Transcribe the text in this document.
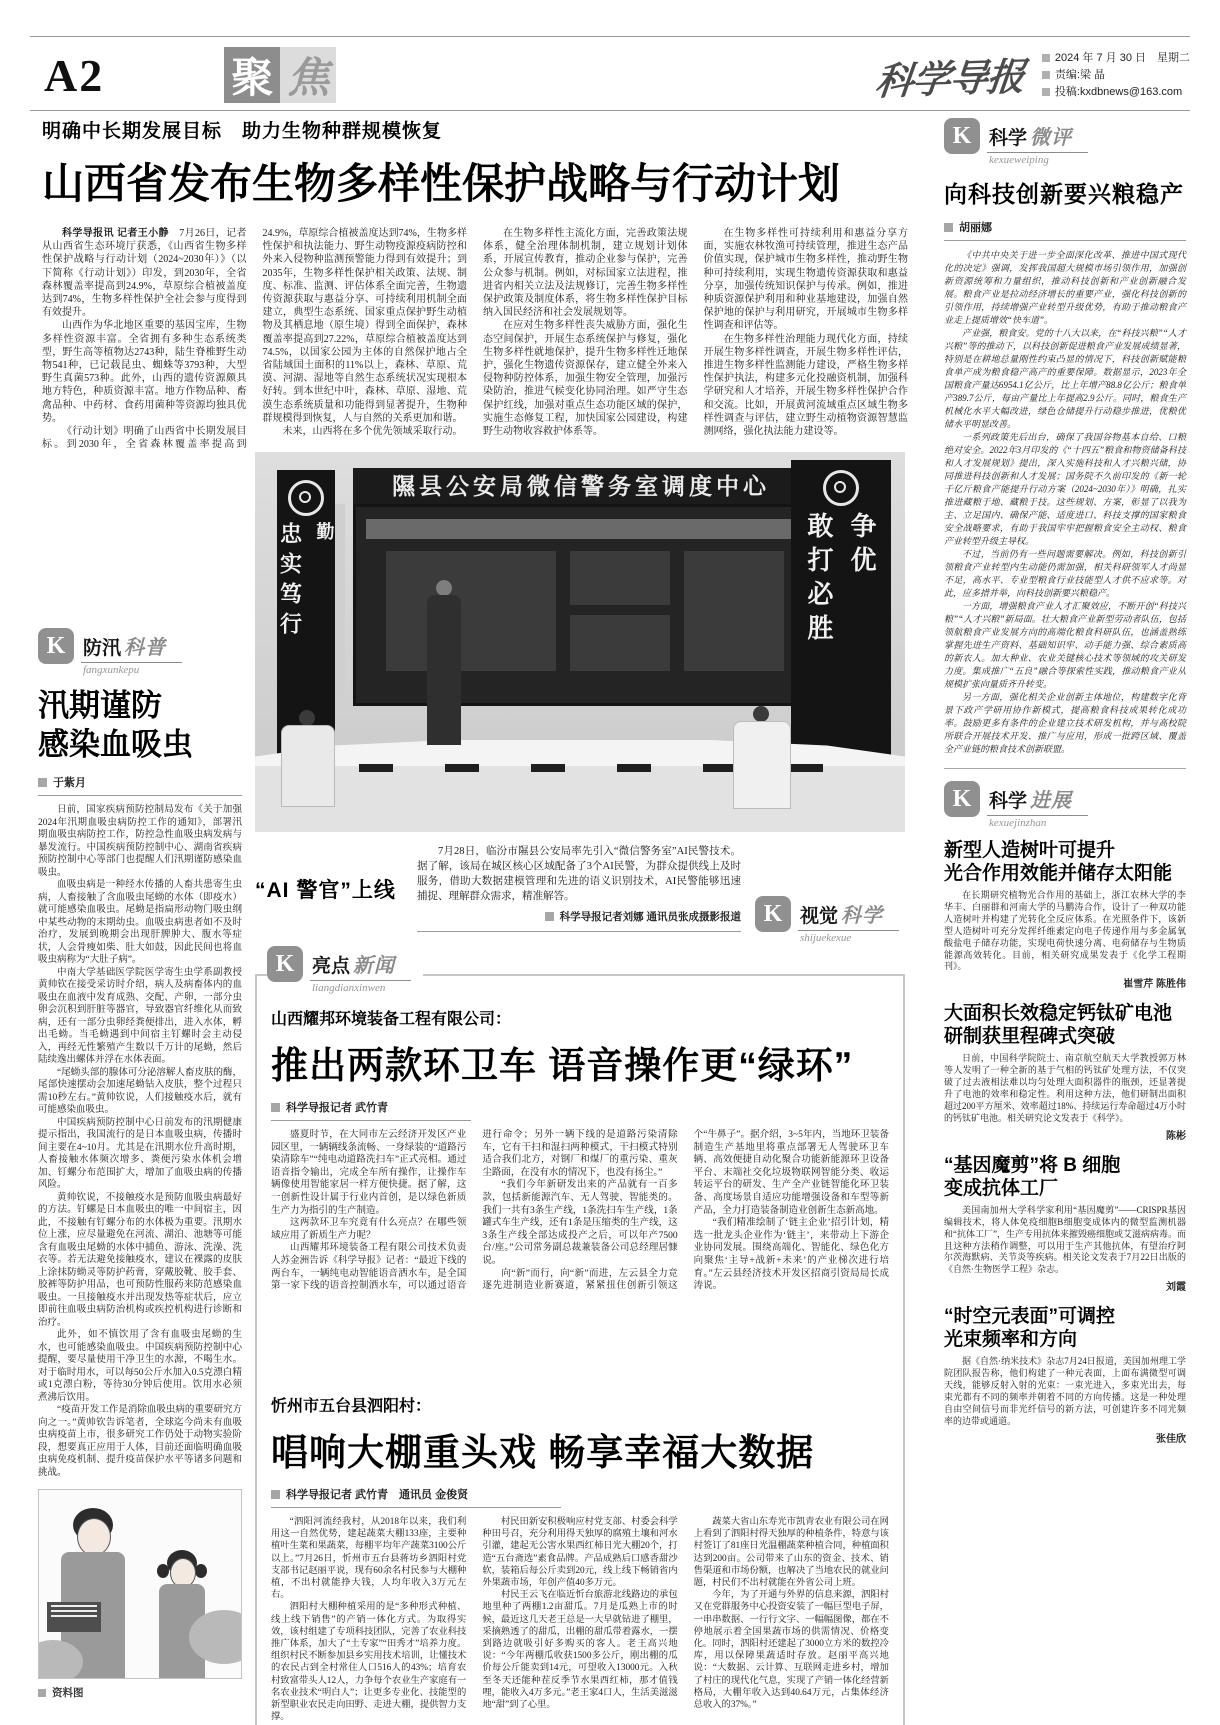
A2	聚 焦	科学导报	2024 年 7 月 30 日　星期二
责编:梁 晶
投稿:kxdbnews@163.com
明确中长期发展目标　助力生物种群规模恢复
山西省发布生物多样性保护战略与行动计划

科学导报讯 记者王小静　7月26日，记者从山西省生态环境厅获悉，《山西省生物多样性保护战略与行动计划（2024~2030年）》（以下简称《行动计划》）印发，到2030年，全省森林覆盖率提高到24.9%，草原综合植被盖度达到74%，生物多样性保护全社会参与度得到有效提升。

山西作为华北地区重要的基因宝库，生物多样性资源丰富。全省拥有多种生态系统类型，野生高等植物达2743种，陆生脊椎野生动物541种，已记载昆虫、蜘蛛等3793种，大型野生真菌573种。此外，山西的遗传资源颇具地方特色，种质资源丰富。地方作物品种、畜禽品种、中药材、食药用菌种等资源均独具优势。

《行动计划》明确了山西省中长期发展目标。到2030年，全省森林覆盖率提高到24.9%，草原综合植被盖度达到74%，生物多样性保护和执法能力、野生动物疫源疫病防控和外来入侵物种监测预警能力得到有效提升；到2035年，生物多样性保护相关政策、法规、制度、标准、监测、评估体系全面完善，生物遗传资源获取与惠益分享、可持续利用机制全面建立，典型生态系统、国家重点保护野生动植物及其栖息地（原生境）得到全面保护，森林覆盖率提高到27.22%，草原综合植被盖度达到74.5%，以国家公园为主体的自然保护地占全省陆域国土面积的11%以上，森林、草原、荒漠、河湖、湿地等自然生态系统状况实现根本好转。到本世纪中叶，森林、草原、湿地、荒漠生态系统质量和功能得到显著提升，生物种群规模得到恢复，人与自然的关系更加和谐。

未来，山西将在多个优先领域采取行动。

在生物多样性主流化方面，完善政策法规体系，健全治理体制机制，建立规划计划体系，开展宣传教育，推动企业参与保护，完善公众参与机制。例如，对标国家立法进程，推进省内相关立法及法规修订，完善生物多样性保护政策及制度体系，将生物多样性保护目标纳入国民经济和社会发展规划等。

在应对生物多样性丧失威胁方面，强化生态空间保护，开展生态系统保护与修复，强化生物多样性就地保护，提升生物多样性迁地保护，强化生物遗传资源保存，建立健全外来入侵物种防控体系，加强生物安全管理，加强污染防治，推进气候变化协同治理。如严守生态保护红线，加强对重点生态功能区域的保护，实施生态修复工程，加快国家公园建设，构建野生动物收容救护体系等。

在生物多样性可持续利用和惠益分享方面，实施农林牧渔可持续管理，推进生态产品价值实现，保护城市生物多样性，推动野生物种可持续利用，实现生物遗传资源获取和惠益分享，加强传统知识保护与传承。例如，推进种质资源保护利用和种业基地建设，加强自然保护地的保护与利用研究，开展城市生物多样性调查和评估等。

在生物多样性治理能力现代化方面，持续开展生物多样性调查，开展生物多样性评估，推进生物多样性监测能力建设，严格生物多样性保护执法，构建多元化投融资机制，加强科学研究和人才培养，开展生物多样性保护合作和交流。比如，开展黄河流域重点区域生物多样性调查与评估，建立野生动植物资源智慧监测网络，强化执法能力建设等。

K 防汛 科普
fangxunkepu
汛期谨防
感染血吸虫
于紫月

日前，国家疾病预防控制局发布《关于加强2024年汛期血吸虫病防控工作的通知》，部署汛期血吸虫病防控工作，防控急性血吸虫病发病与暴发流行。中国疾病预防控制中心、湖南省疾病预防控制中心等部门也提醒人们汛期谨防感染血吸虫。

血吸虫病是一种经水传播的人畜共患寄生虫病，人畜接触了含血吸虫尾蚴的水体（即疫水）就可能感染血吸虫。尾蚴是指扁形动物门吸虫纲中某些动物的末期幼虫。血吸虫病患者如不及时治疗，发展到晚期会出现肝脾肿大、腹水等症状，人会骨瘦如柴、肚大如鼓，因此民间也将血吸虫病称为“大肚子病”。

中南大学基础医学院医学寄生虫学系副教授黄帅钦在接受采访时介绍，病人及病畜体内的血吸虫在血液中发育成熟、交配、产卵，一部分虫卵会沉积到肝脏等器官，导致器官纤维化从而致病，还有一部分虫卵经粪便排出，进入水体，孵出毛蚴。当毛蚴遇到中间宿主钉螺时会主动侵入，再经无性繁殖产生数以千万计的尾蚴，然后陆续逸出螺体并浮在水体表面。

“尾蚴头部的腺体可分泌溶解人畜皮肤的酶，尾部快速摆动会加速尾蚴钻入皮肤，整个过程只需10秒左右。”黄帅钦说，人们接触疫水后，就有可能感染血吸虫。

中国疾病预防控制中心日前发布的汛期健康提示指出，我国流行的是日本血吸虫病，传播时间主要在4~10月。尤其是在汛期水位升高时期，人畜接触水体频次增多、粪便污染水体机会增加、钉螺分布范围扩大，增加了血吸虫病的传播风险。

黄帅钦说，不接触疫水是预防血吸虫病最好的方法。钉螺是日本血吸虫的唯一中间宿主，因此，不接触有钉螺分布的水体极为重要。汛期水位上涨，应尽量避免在河流、湖泊、池塘等可能含有血吸虫尾蚴的水体中捕鱼、游泳、洗澡、洗衣等。若无法避免接触疫水，建议在裸露的皮肤上涂抹防蚴灵等防护药膏，穿戴胶靴、胶手套、胶裤等防护用品，也可预防性服药来防范感染血吸虫。一旦接触疫水并出现发热等症状后，应立即前往血吸虫病防治机构或疾控机构进行诊断和治疗。

此外，如不慎饮用了含有血吸虫尾蚴的生水，也可能感染血吸虫。中国疾病预防控制中心提醒，要尽量使用干净卫生的水源，不喝生水。对于临时用水，可以每50公斤水加入0.5克漂白精或1克漂白粉，等待30分钟后使用。饮用水必须煮沸后饮用。

“疫苗开发工作是消除血吸虫病的重要研究方向之一。”黄帅钦告诉笔者，全球迄今尚未有血吸虫病疫苗上市，很多研究工作仍处于动物实验阶段，想要真正应用于人体，目前还面临明确血吸虫病免疫机制、提升疫苗保护水平等诸多问题和挑战。

资料图
隰县公安局微信警务室调度中心
忠实笃行 勤	敢打必胜 争优
“AI 警官”上线
7月28日，临汾市隰县公安局率先引入“微信警务室”AI民警技术。据了解，该局在城区核心区域配备了3个AI民警，为群众提供线上及时服务，借助大数据建模管理和先进的语义识别技术，AI民警能够迅速捕捉、理解群众需求，精准解答。
科学导报记者刘娜 通讯员张成摄影报道 K 视觉 科学
shijuekexue
K 亮点 新闻
liangdianxinwen
山西耀邦环境装备工程有限公司：
推出两款环卫车 语音操作更“绿环”
科学导报记者 武竹青

盛夏时节，在大同市左云经济开发区产业园区里，一辆辆线条流畅、一身绿装的“道路污染清除车”“纯电动道路洗扫车”正式亮相。通过语音指令输出，完成全车所有操作，让操作车辆像使用智能家居一样方便快捷。据了解，这一创新性设计属于行业内首创，是以绿色新质生产力为指引的生产制造。

这两款环卫车究竟有什么亮点？在哪些领域应用了新质生产力呢？

山西耀邦环境装备工程有限公司技术负责人苏金洲告诉《科学导报》记者：“最近下线的两台车，一辆纯电动智能语音洒水车，是全国第一家下线的语音控制洒水车，可以通过语音进行命令；另外一辆下线的是道路污染清除车，它有干扫和湿扫两种模式，干扫模式特别适合我们北方，对钢厂和煤厂的重污染、重灰尘路面，在没有水的情况下，也没有扬尘。”

“我们今年新研发出来的产品就有一百多款，包括新能源汽车、无人驾驶、智能类的。我们一共有3条生产线，1条洗扫车生产线，1条罐式车生产线，还有1条是压缩类的生产线，这3条生产线全部达成投产之后，可以年产7500台/座。”公司常务副总裁兼装备公司总经理居慷说。

向“新”而行，向“新”而进，左云县全力竞逐先进制造业新赛道，紧紧扭住创新引领这个“牛鼻子”。据介绍，3~5年内，当地环卫装备制造生产基地里将重点部署无人驾驶环卫车辆、高效便捷自动化聚合功能新能源环卫设备平台、末端社交化垃圾物联网智能分类、收运转运平台的研发、生产全产业链智能化环卫装备、高度场景自适应功能增强设备和车型等新产品，全力打造装备制造业创新生态新高地。

“我们精准绘制了‘链主企业’招引计划，精选一批龙头企业作为‘链主’，来带动上下游企业协同发展。围绕高端化、智能化、绿色化方向聚焦‘主导+战新+未来’的产业梯次进行培育。”左云县经济技术开发区招商引资局局长成涛说。

忻州市五台县泗阳村：
唱响大棚重头戏 畅享幸福大数据
科学导报记者 武竹青　通讯员 金俊贤

“泗阳河流经我村，从2018年以来，我们利用这一自然优势，建起蔬菜大棚133座，主要种植叶生菜和果蔬菜，每棚平均年产蔬菜3100公斤以上。”7月26日，忻州市五台县蒋坊乡泗阳村党支部书记赵丽平说，现有60余名村民参与大棚种植，不出村就能挣大钱，人均年收入3万元左右。

泗阳村大棚种植采用的是“多种形式种植、线上线下销售”的产销一体化方式。为取得实效，该村组建了专项科技团队，完善了农业科技推广体系，加大了“土专家”“田秀才”培养力度。组织村民不断参加县乡实用技术培训，让懂技术的农民占到全村常住人口516人的43%；培育农村致富带头人12人，力争每个农业生产家庭有一名农业技术“明白人”；让更多专业化、技能型的新型职业农民走向田野、走进大棚，提供智力支撑。

村民田新安积极响应村党支部、村委会科学种田号召，充分利用得天独厚的腐殖土壤和河水引灌，建起无公害水果西红柿日光大棚20个，打造“五台斋选”素食品牌。产品成熟后口感香甜沙软，装箱后每公斤卖到20元，线上线下畅销省内外果蔬市场，年创产值40多万元。

村民王云飞在临近忻台旅游北线路边的承包地里种了两棚1.2亩甜瓜。7月是瓜熟上市的时候，最近这几天老王总是一大早就钻进了棚里，采摘熟透了的甜瓜，出棚的甜瓜带着露水，一摆到路边就吸引好多购买的客人。老王高兴地说：“今年两棚瓜收获1500多公斤，刚出棚的瓜价每公斤能卖到14元，可望收入13000元。入秋至冬天还能种茬反季节水果西红柿，那才值钱哩，能收入4万多元。”老王家4口人，生活美滋滋地“甜”到了心里。

蔬菜大省山东寿光市凯青农业有限公司在网上看到了泗阳村得天独厚的种植条件，特意与该村签订了81座日光温棚蔬菜种植合同，种植面积达到200亩。公司带来了山东的资金、技术、销售渠道和市场份额，也解决了当地农民的就业问题，村民们不出村就能在外省公司上班。

今年，为了开通与外界的信息来源，泗阳村又在党群服务中心投资安装了一幅巨型电子屏，一串串数据、一行行文字、一幅幅图像，都在不停地展示着全国果蔬市场的供需情况、价格变化。同时，泗阳村还建起了3000立方米的数控冷库，用以保障果蔬适时存放。赵丽平高兴地说：“大数据、云计算、互联网走进乡村，增加了村庄的现代化气息，实现了产销一体化经营新格局，大棚年收入达到40.64万元，占集体经济总收入的37%。”

K 科学 微评
kexueweiping
向科技创新要兴粮稳产
胡丽娜

《中共中央关于进一步全面深化改革、推进中国式现代化的决定》强调，发挥我国超大规模市场引领作用，加强创新资源统筹和力量组织，推动科技创新和产业创新融合发展。粮食产业是拉动经济增长的重要产业，强化科技创新的引领作用，持续增强产业转型升级优势，有助于推动粮食产业走上提质增效“快车道”。

产业强，粮食安。党的十八大以来，在“科技兴粮”“人才兴粮”等的推动下，以科技创新促进粮食产业发展成绩显著，特别是在耕地总量刚性约束凸显的情况下，科技创新赋能粮食单产成为粮食稳产高产的重要保障。数据显示，2023年全国粮食产量达6954.1亿公斤，比上年增产88.8亿公斤；粮食单产389.7公斤，每亩产量比上年提高2.9公斤。同时，粮食生产机械化水平大幅改进，绿色仓储提升行动稳步推进，优粮优储水平明显改善。

一系列政策先后出台，确保了我国谷物基本自给、口粮绝对安全。2022年3月印发的《“十四五”粮食和物资储备科技和人才发展规划》提出，深入实施科技和人才兴粮兴储，协同推进科技创新和人才发展；国务院不久前印发的《新一轮千亿斤粮食产能提升行动方案（2024~2030年）》明确，扎实推进藏粮于地、藏粮于技。这些规划、方案，彰显了以我为主、立足国内、确保产能、适度进口、科技支撑的国家粮食安全战略要求，有助于我国牢牢把握粮食安全主动权、粮食产业转型升级主导权。

不过，当前仍有一些问题需要解决。例如，科技创新引领粮食产业转型内生动能仍需加强，相关科研领军人才尚显不足，高水平、专业型粮食行业技能型人才供不应求等。对此，应多措并举，向科技创新要兴粮稳产。

一方面，增强粮食产业人才汇聚效应，不断开创“科技兴粮”“人才兴粮”新局面。壮大粮食产业新型劳动者队伍，包括领航粮食产业发展方向的高端化粮食科研队伍，也涵盖熟练掌握先进生产资料、基础知识牢、动手能力强、综合素质高的新农人。加大种业、农业关键核心技术等领域的攻关研发力度。集成推广“五良”融合等探索性实践，推动粮食产业从规模扩张向量质齐升转变。

另一方面，强化相关企业创新主体地位，构建数字化背景下政产学研用协作新模式，提高粮食科技成果转化成功率。鼓励更多有条件的企业建立技术研发机构，并与高校院所联合开展技术开发、推广与应用，形成一批跨区域、覆盖全产业链的粮食技术创新联盟。

K 科学 进展
kexuejinzhan
新型人造树叶可提升
光合作用效能并储存太阳能

在长期研究植物光合作用的基础上，浙江农林大学的李华丰、白丽群和河南大学的马鹏涛合作，设计了一种双功能人造树叶并构建了光转化全反应体系。在光照条件下，该新型人造树叶可充分发挥纤维素定向电子传递作用与多金属氧酸盐电子储存功能，实现电荷快速分离、电荷储存与生物质能源高效转化。目前，相关研究成果发表于《化学工程期刊》。

崔雪芹 陈胜伟
大面积长效稳定钙钛矿电池
研制获里程碑式突破

日前，中国科学院院士、南京航空航天大学教授郭万林等人发明了一种全新的基于气相的钙钛矿处理方法，不仅突破了过去液相法难以均匀处理大面积器件的瓶颈，还显著提升了电池的效率和稳定性。利用这种方法，他们研制出面积超过200平方厘米、效率超过18%、持续运行寿命超过4万小时的钙钛矿电池。相关研究论文发表于《科学》。

陈彬
“基因魔剪”将 B 细胞
变成抗体工厂

美国南加州大学科学家利用“基因魔剪”——CRISPR基因编辑技术，将人体免疫细胞B细胞变成体内的微型监测机器和“抗体工厂”，生产专用抗体来摧毁癌细胞或艾滋病病毒。而且这种方法稍作调整，可以用于生产其他抗体，有望治疗阿尔茨海默病、关节炎等疾病。相关论文发表于7月22日出版的《自然·生物医学工程》杂志。

刘霞
“时空元表面”可调控
光束频率和方向

据《自然·纳米技术》杂志7月24日报道，美国加州理工学院团队报告称，他们构建了一种元表面，上面布满微型可调天线，能够反射入射的光束：一束光进入，多束光出去，每束光都有不同的频率并朝着不同的方向传播。这是一种处理自由空间信号而非光纤信号的新方法，可创建许多不同光频率的边带或通道。

张佳欣
